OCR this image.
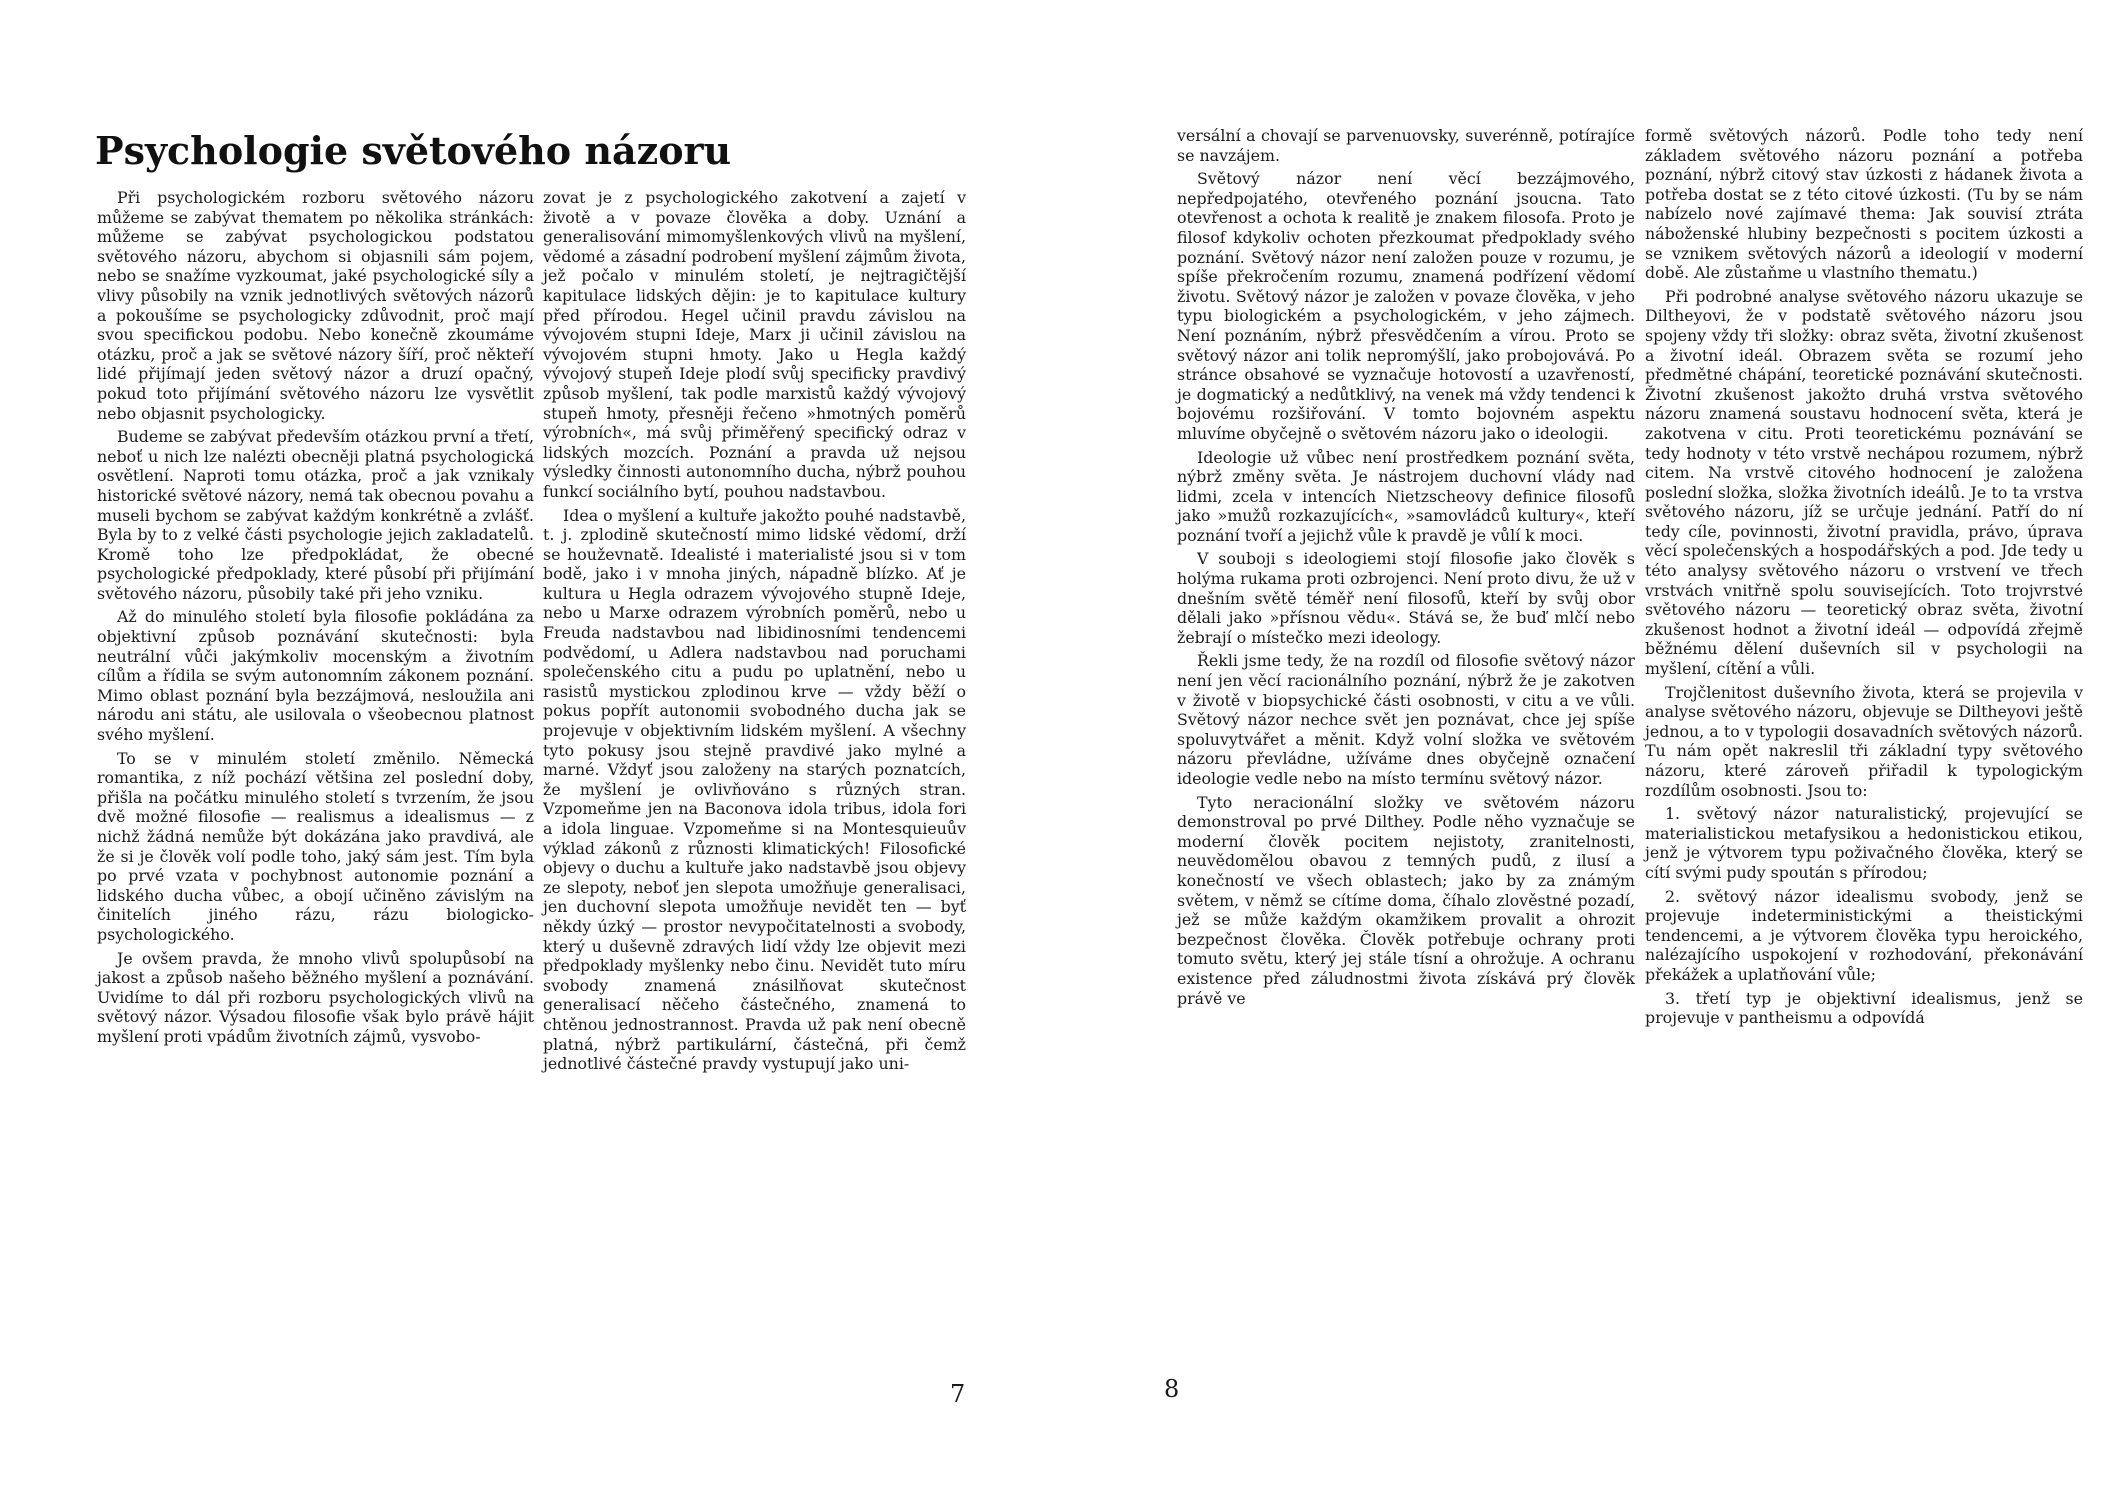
Psychologie světového názoru

Při psychologickém rozboru světového názoru můžeme se zabývat thematem po několika stránkách: můžeme se zabývat psychologickou podstatou světového názoru, abychom si objasnili sám pojem, nebo se snažíme vyzkoumat, jaké psychologické síly a vlivy působily na vznik jednotlivých světových názorů a pokoušíme se psychologicky zdůvodnit, proč mají svou specifickou podobu. Nebo konečně zkoumáme otázku, proč a jak se světové názory šíří, proč někteří lidé přijímají jeden světový názor a druzí opačný, pokud toto přijímání světového názoru lze vysvětlit nebo objasnit psychologicky.

Budeme se zabývat především otázkou první a třetí, neboť u nich lze nalézti obecněji platná psychologická osvětlení. Naproti tomu otázka, proč a jak vznikaly historické světové názory, nemá tak obecnou povahu a museli bychom se zabývat každým konkrétně a zvlášť. Byla by to z velké části psychologie jejich zakladatelů. Kromě toho lze předpokládat, že obecné psychologické předpoklady, které působí při přijímání světového názoru, působily také při jeho vzniku.

Až do minulého století byla filosofie pokládána za objektivní způsob poznávání skutečnosti: byla neutrální vůči jakýmkoliv mocenským a životním cílům a řídila se svým autonomním zákonem poznání. Mimo oblast poznání byla bezzájmová, nesloužila ani národu ani státu, ale usilovala o všeobecnou platnost svého myšlení.

To se v minulém století změnilo. Německá romantika, z níž pochází většina zel poslední doby, přišla na počátku minulého století s tvrzením, že jsou dvě možné filosofie — realismus a idealismus — z nichž žádná nemůže být dokázána jako pravdivá, ale že si je člověk volí podle toho, jaký sám jest. Tím byla po prvé vzata v pochybnost autonomie poznání a lidského ducha vůbec, a obojí učiněno závislým na činitelích jiného rázu, rázu biologicko-psychologického.

Je ovšem pravda, že mnoho vlivů spolupůsobí na jakost a způsob našeho běžného myšlení a poznávání. Uvidíme to dál při rozboru psychologických vlivů na světový názor. Výsadou filosofie však bylo právě hájit myšlení proti vpádům životních zájmů, vysvobo-

zovat je z psychologického zakotvení a zajetí v životě a v povaze člověka a doby. Uznání a generalisování mimomyšlenkových vlivů na myšlení, vědomé a zásadní podrobení myšlení zájmům života, jež počalo v minulém století, je nejtragičtější kapitulace lidských dějin: je to kapitulace kultury před přírodou. Hegel učinil pravdu závislou na vývojovém stupni Ideje, Marx ji učinil závislou na vývojovém stupni hmoty. Jako u Hegla každý vývojový stupeň Ideje plodí svůj specificky pravdivý způsob myšlení, tak podle marxistů každý vývojový stupeň hmoty, přesněji řečeno »hmotných poměrů výrobních«, má svůj přiměřený specifický odraz v lidských mozcích. Poznání a pravda už nejsou výsledky činnosti autonomního ducha, nýbrž pouhou funkcí sociálního bytí, pouhou nadstavbou.

Idea o myšlení a kultuře jakožto pouhé nadstavbě, t. j. zplodině skutečností mimo lidské vědomí, drží se houževnatě. Idealisté i materialisté jsou si v tom bodě, jako i v mnoha jiných, nápadně blízko. Ať je kultura u Hegla odrazem vývojového stupně Ideje, nebo u Marxe odrazem výrobních poměrů, nebo u Freuda nadstavbou nad libidinosními tendencemi podvědomí, u Adlera nadstavbou nad poruchami společenského citu a pudu po uplatnění, nebo u rasistů mystickou zplodinou krve — vždy běží o pokus popřít autonomii svobodného ducha jak se projevuje v objektivním lidském myšlení. A všechny tyto pokusy jsou stejně pravdivé jako mylné a marné. Vždyť jsou založeny na starých poznatcích, že myšlení je ovlivňováno s různých stran. Vzpomeňme jen na Baconova idola tribus, idola fori a idola linguae. Vzpomeňme si na Montesquieuův výklad zákonů z různosti klimatických! Filosofické objevy o duchu a kultuře jako nadstavbě jsou objevy ze slepoty, neboť jen slepota umožňuje generalisaci, jen duchovní slepota umožňuje nevidět ten — byť někdy úzký — prostor nevypočitatelnosti a svobody, který u duševně zdravých lidí vždy lze objevit mezi předpoklady myšlenky nebo činu. Nevidět tuto míru svobody znamená znásilňovat skutečnost generalisací něčeho částečného, znamená to chtěnou jednostrannost. Pravda už pak není obecně platná, nýbrž partikulární, částečná, při čemž jednotlivé částečné pravdy vystupují jako uni-

7

versální a chovají se parvenuovsky, suverénně, potírajíce se navzájem.

Světový názor není věcí bezzájmového, nepředpojatého, otevřeného poznání jsoucna. Tato otevřenost a ochota k realitě je znakem filosofa. Proto je filosof kdykoliv ochoten přezkoumat předpoklady svého poznání. Světový názor není založen pouze v rozumu, je spíše překročením rozumu, znamená podřízení vědomí životu. Světový názor je založen v povaze člověka, v jeho typu biologickém a psychologickém, v jeho zájmech. Není poznáním, nýbrž přesvědčením a vírou. Proto se světový názor ani tolik nepromýšlí, jako probojovává. Po stránce obsahové se vyznačuje hotovostí a uzavřeností, je dogmatický a nedůtklivý, na venek má vždy tendenci k bojovému rozšiřování. V tomto bojovném aspektu mluvíme obyčejně o světovém názoru jako o ideologii.

Ideologie už vůbec není prostředkem poznání světa, nýbrž změny světa. Je nástrojem duchovní vlády nad lidmi, zcela v intencích Nietzscheovy definice filosofů jako »mužů rozkazujících«, »samovládců kultury«, kteří poznání tvoří a jejichž vůle k pravdě je vůlí k moci.

V souboji s ideologiemi stojí filosofie jako člověk s holýma rukama proti ozbrojenci. Není proto divu, že už v dnešním světě téměř není filosofů, kteří by svůj obor dělali jako »přísnou vědu«. Stává se, že buď mlčí nebo žebrají o místečko mezi ideology.

Řekli jsme tedy, že na rozdíl od filosofie světový názor není jen věcí racionálního poznání, nýbrž že je zakotven v životě v biopsychické části osobnosti, v citu a ve vůli. Světový názor nechce svět jen poznávat, chce jej spíše spoluvytvářet a měnit. Když volní složka ve světovém názoru převládne, užíváme dnes obyčejně označení ideologie vedle nebo na místo termínu světový názor.

Tyto neracionální složky ve světovém názoru demonstroval po prvé Dilthey. Podle něho vyznačuje se moderní člověk pocitem nejistoty, zranitelnosti, neuvědomělou obavou z temných pudů, z ilusí a konečností ve všech oblastech; jako by za známým světem, v němž se cítíme doma, číhalo zlověstné pozadí, jež se může každým okamžikem provalit a ohrozit bezpečnost člověka. Člověk potřebuje ochrany proti tomuto světu, který jej stále tísní a ohrožuje. A ochranu existence před záludnostmi života získává prý člověk právě ve

formě světových názorů. Podle toho tedy není základem světového názoru poznání a potřeba poznání, nýbrž citový stav úzkosti z hádanek života a potřeba dostat se z této citové úzkosti. (Tu by se nám nabízelo nové zajímavé thema: Jak souvisí ztráta náboženské hlubiny bezpečnosti s pocitem úzkosti a se vznikem světových názorů a ideologií v moderní době. Ale zůstaňme u vlastního thematu.)

Při podrobné analyse světového názoru ukazuje se Diltheyovi, že v podstatě světového názoru jsou spojeny vždy tři složky: obraz světa, životní zkušenost a životní ideál. Obrazem světa se rozumí jeho předmětné chápání, teoretické poznávání skutečnosti. Životní zkušenost jakožto druhá vrstva světového názoru znamená soustavu hodnocení světa, která je zakotvena v citu. Proti teoretickému poznávání se tedy hodnoty v této vrstvě nechápou rozumem, nýbrž citem. Na vrstvě citového hodnocení je založena poslední složka, složka životních ideálů. Je to ta vrstva světového názoru, jíž se určuje jednání. Patří do ní tedy cíle, povinnosti, životní pravidla, právo, úprava věcí společenských a hospodářských a pod. Jde tedy u této analysy světového názoru o vrstvení ve třech vrstvách vnitřně spolu souvisejících. Toto trojvrstvé světového názoru — teoretický obraz světa, životní zkušenost hodnot a životní ideál — odpovídá zřejmě běžnému dělení duševních sil v psychologii na myšlení, cítění a vůli.

Trojčlenitost duševního života, která se projevila v analyse světového názoru, objevuje se Diltheyovi ještě jednou, a to v typologii dosavadních světových názorů. Tu nám opět nakreslil tři základní typy světového názoru, které zároveň přiřadil k typologickým rozdílům osobnosti. Jsou to:

1. světový názor naturalistický, projevující se materialistickou metafysikou a hedonistickou etikou, jenž je výtvorem typu poživačného člověka, který se cítí svými pudy spoután s přírodou;

2. světový názor idealismu svobody, jenž se projevuje indeterministickými a theistickými tendencemi, a je výtvorem člověka typu heroického, nalézajícího uspokojení v rozhodování, překonávání překážek a uplatňování vůle;

3. třetí typ je objektivní idealismus, jenž se projevuje v pantheismu a odpovídá

8
